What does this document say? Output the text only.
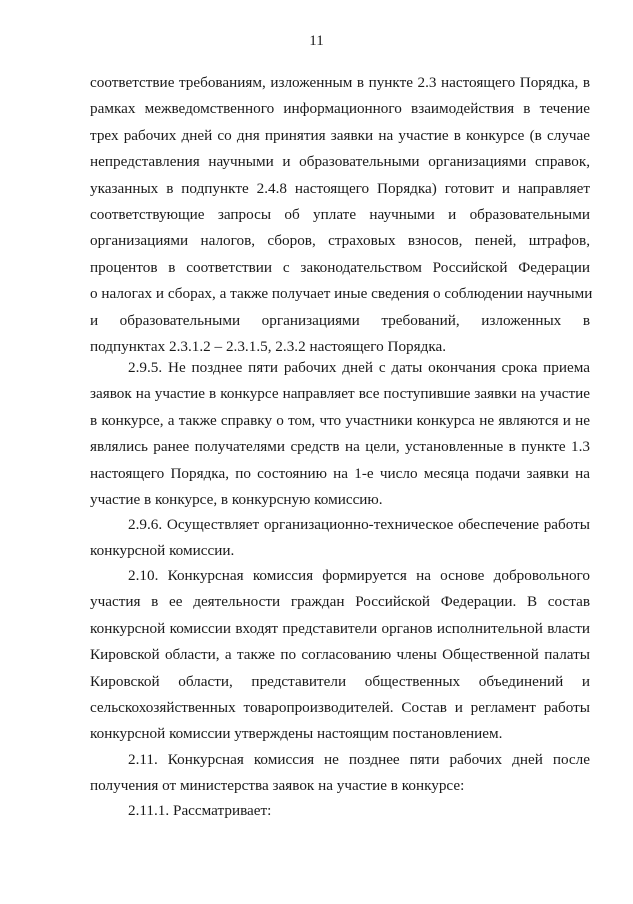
11
соответствие требованиям, изложенным в пункте 2.3 настоящего Порядка, в
рамках межведомственного информационного взаимодействия в течение
трех рабочих дней со дня принятия заявки на участие в конкурсе (в случае
непредставления научными и образовательными организациями справок,
указанных в подпункте 2.4.8 настоящего Порядка) готовит и направляет
соответствующие запросы об уплате научными и образовательными
организациями налогов, сборов, страховых взносов, пеней, штрафов,
процентов в соответствии с законодательством Российской Федерации
о налогах и сборах, а также получает иные сведения о соблюдении научными
и образовательными организациями требований, изложенных в
подпунктах 2.3.1.2 – 2.3.1.5, 2.3.2 настоящего Порядка.
2.9.5. Не позднее пяти рабочих дней с даты окончания срока приема
заявок на участие в конкурсе направляет все поступившие заявки на участие
в конкурсе, а также справку о том, что участники конкурса не являются и не
являлись ранее получателями средств на цели, установленные в пункте 1.3
настоящего Порядка, по состоянию на 1-е число месяца подачи заявки на
участие в конкурсе, в конкурсную комиссию.
2.9.6. Осуществляет организационно-техническое обеспечение работы
конкурсной комиссии.
2.10. Конкурсная комиссия формируется на основе добровольного
участия в ее деятельности граждан Российской Федерации. В состав
конкурсной комиссии входят представители органов исполнительной власти
Кировской области, а также по согласованию члены Общественной палаты
Кировской области, представители общественных объединений и
сельскохозяйственных товаропроизводителей. Состав и регламент работы
конкурсной комиссии утверждены настоящим постановлением.
2.11. Конкурсная комиссия не позднее пяти рабочих дней после
получения от министерства заявок на участие в конкурсе:
2.11.1. Рассматривает:
